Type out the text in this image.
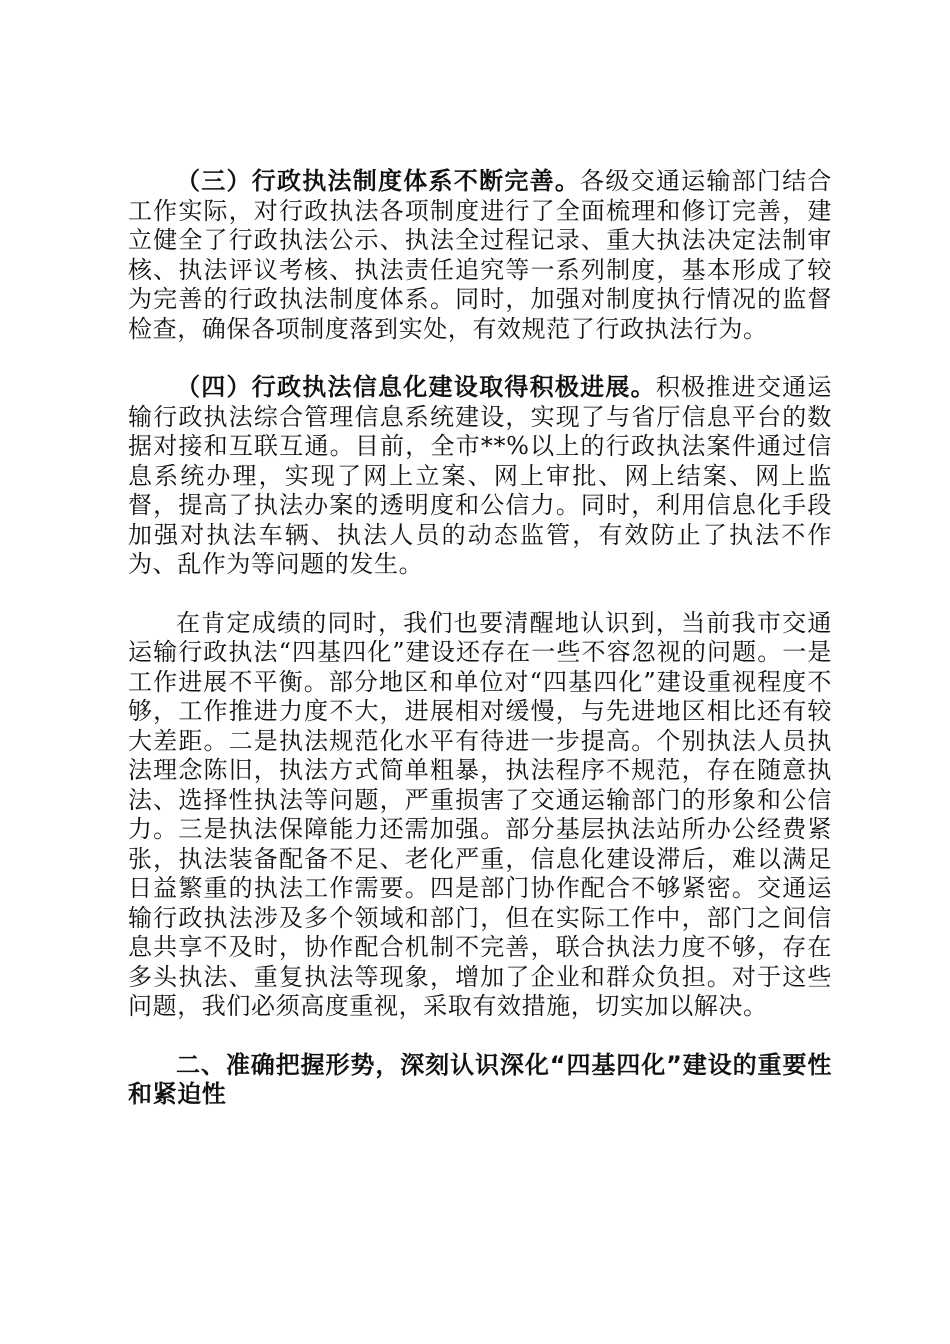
（三）行政执法制度体系不断完善。各级交通运输部门结合工作实际，对行政执法各项制度进行了全面梳理和修订完善，建立健全了行政执法公示、执法全过程记录、重大执法决定法制审核、执法评议考核、执法责任追究等一系列制度，基本形成了较为完善的行政执法制度体系。同时，加强对制度执行情况的监督检查，确保各项制度落到实处，有效规范了行政执法行为。

（四）行政执法信息化建设取得积极进展。积极推进交通运输行政执法综合管理信息系统建设，实现了与省厅信息平台的数据对接和互联互通。目前，全市**%以上的行政执法案件通过信息系统办理，实现了网上立案、网上审批、网上结案、网上监督，提高了执法办案的透明度和公信力。同时，利用信息化手段加强对执法车辆、执法人员的动态监管，有效防止了执法不作为、乱作为等问题的发生。

在肯定成绩的同时，我们也要清醒地认识到，当前我市交通运输行政执法“四基四化”建设还存在一些不容忽视的问题。一是工作进展不平衡。部分地区和单位对“四基四化”建设重视程度不够，工作推进力度不大，进展相对缓慢，与先进地区相比还有较大差距。二是执法规范化水平有待进一步提高。个别执法人员执法理念陈旧，执法方式简单粗暴，执法程序不规范，存在随意执法、选择性执法等问题，严重损害了交通运输部门的形象和公信力。三是执法保障能力还需加强。部分基层执法站所办公经费紧张，执法装备配备不足、老化严重，信息化建设滞后，难以满足日益繁重的执法工作需要。四是部门协作配合不够紧密。交通运输行政执法涉及多个领域和部门，但在实际工作中，部门之间信息共享不及时，协作配合机制不完善，联合执法力度不够，存在多头执法、重复执法等现象，增加了企业和群众负担。对于这些问题，我们必须高度重视，采取有效措施，切实加以解决。

二、准确把握形势，深刻认识深化“四基四化”建设的重要性和紧迫性
